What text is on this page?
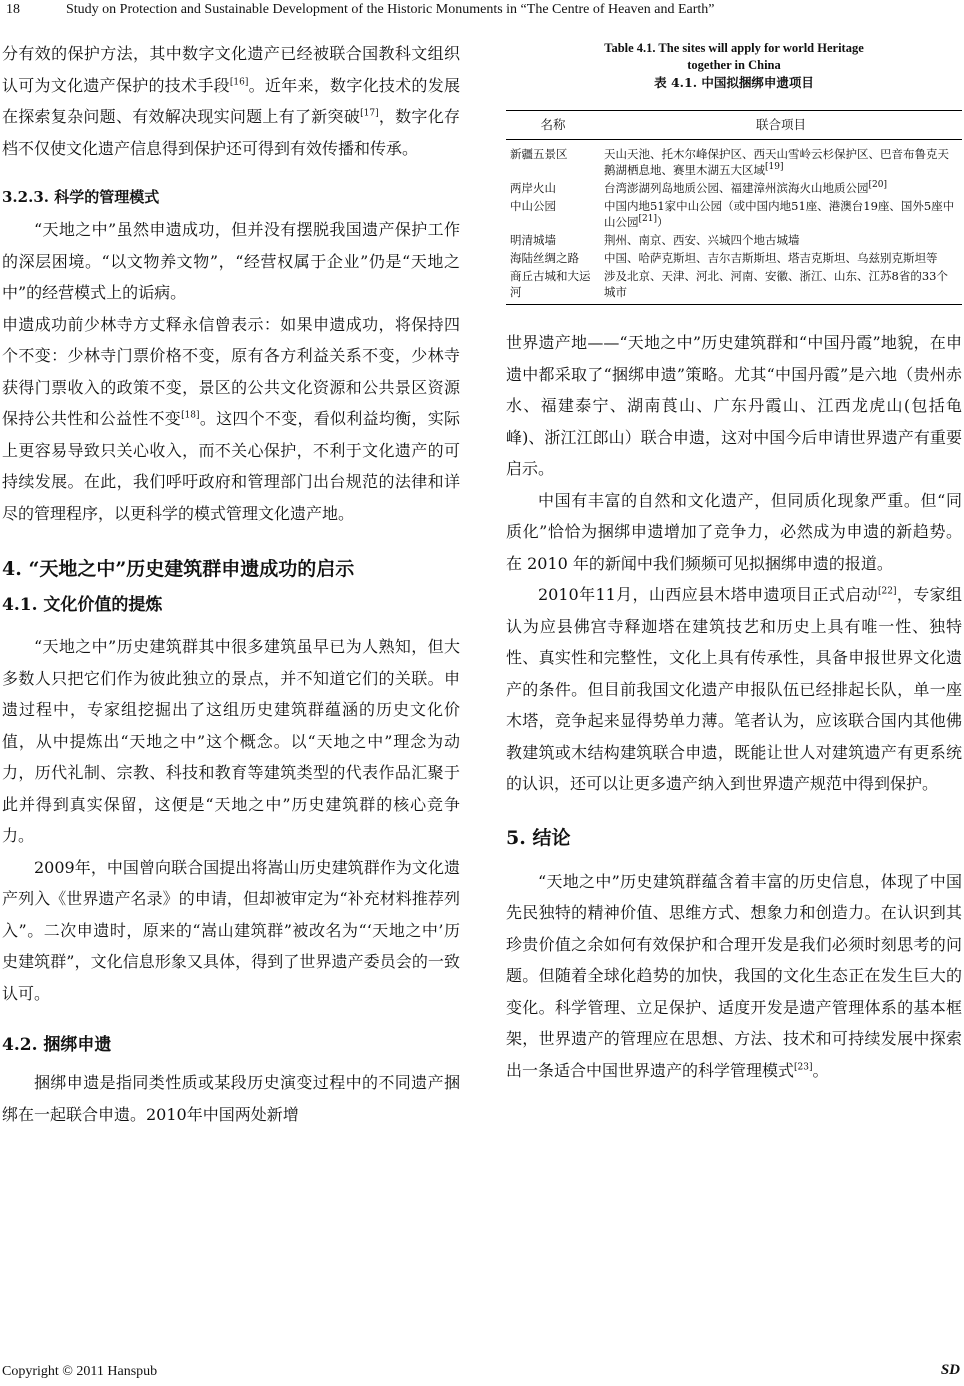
18	Study on Protection and Sustainable Development of the Historic Monuments in “The Centre of Heaven and Earth”

分有效的保护方法，其中数字文化遗产已经被联合国教科文组织认可为文化遗产保护的技术手段[16]。近年来，数字化技术的发展在探索复杂问题、有效解决现实问题上有了新突破[17]，数字化存档不仅使文化遗产信息得到保护还可得到有效传播和传承。

3.2.3. 科学的管理模式

“天地之中”虽然申遗成功，但并没有摆脱我国遗产保护工作的深层困境。“以文物养文物”，“经营权属于企业”仍是“天地之中”的经营模式上的诟病。

申遗成功前少林寺方丈释永信曾表示：如果申遗成功，将保持四个不变：少林寺门票价格不变，原有各方利益关系不变，少林寺获得门票收入的政策不变，景区的公共文化资源和公共景区资源保持公共性和公益性不变[18]。这四个不变，看似利益均衡，实际上更容易导致只关心收入，而不关心保护，不利于文化遗产的可持续发展。在此，我们呼吁政府和管理部门出台规范的法律和详尽的管理程序，以更科学的模式管理文化遗产地。

4. “天地之中”历史建筑群申遗成功的启示
4.1. 文化价值的提炼

“天地之中”历史建筑群其中很多建筑虽早已为人熟知，但大多数人只把它们作为彼此独立的景点，并不知道它们的关联。申遗过程中，专家组挖掘出了这组历史建筑群蕴涵的历史文化价值，从中提炼出“天地之中”这个概念。以“天地之中”理念为动力，历代礼制、宗教、科技和教育等建筑类型的代表作品汇聚于此并得到真实保留，这便是“天地之中”历史建筑群的核心竞争力。

2009年，中国曾向联合国提出将嵩山历史建筑群作为文化遗产列入《世界遗产名录》的申请，但却被审定为“补充材料推荐列入”。二次申遗时，原来的“嵩山建筑群”被改名为“‘天地之中’历史建筑群”，文化信息形象又具体，得到了世界遗产委员会的一致认可。

4.2. 捆绑申遗

捆绑申遗是指同类性质或某段历史演变过程中的不同遗产捆绑在一起联合申遗。2010年中国两处新增

Table 4.1. The sites will apply for world Heritage
together in China
表 4.1. 中国拟捆绑申遗项目
名称	联合项目
新疆五景区	天山天池、托木尔峰保护区、西天山雪岭云杉保护区、巴音布鲁克天鹅湖栖息地、赛里木湖五大区域[19]
两岸火山	台湾澎湖列岛地质公园、福建漳州滨海火山地质公园[20]
中山公园	中国内地51家中山公园（或中国内地51座、港澳台19座、国外5座中山公园[21]）
明清城墙	荆州、南京、西安、兴城四个地古城墙
海陆丝绸之路	中国、哈萨克斯坦、吉尔吉斯斯坦、塔吉克斯坦、乌兹别克斯坦等
商丘古城和大运河	涉及北京、天津、河北、河南、安徽、浙江、山东、江苏8省的33个城市

世界遗产地——“天地之中”历史建筑群和“中国丹霞”地貌，在申遗中都采取了“捆绑申遗”策略。尤其“中国丹霞”是六地（贵州赤水、福建泰宁、湖南莨山、广东丹霞山、江西龙虎山(包括龟峰)、浙江江郎山）联合申遗，这对中国今后申请世界遗产有重要启示。

中国有丰富的自然和文化遗产，但同质化现象严重。但“同质化”恰恰为捆绑申遗增加了竞争力，必然成为申遗的新趋势。在 2010 年的新闻中我们频频可见拟捆绑申遗的报道。

2010年11月，山西应县木塔申遗项目正式启动[22]，专家组认为应县佛宫寺释迦塔在建筑技艺和历史上具有唯一性、独特性、真实性和完整性，文化上具有传承性，具备申报世界文化遗产的条件。但目前我国文化遗产申报队伍已经排起长队，单一座木塔，竞争起来显得势单力薄。笔者认为，应该联合国内其他佛教建筑或木结构建筑联合申遗，既能让世人对建筑遗产有更系统的认识，还可以让更多遗产纳入到世界遗产规范中得到保护。

5. 结论

“天地之中”历史建筑群蕴含着丰富的历史信息，体现了中国先民独特的精神价值、思维方式、想象力和创造力。在认识到其珍贵价值之余如何有效保护和合理开发是我们必须时刻思考的问题。但随着全球化趋势的加快，我国的文化生态正在发生巨大的变化。科学管理、立足保护、适度开发是遗产管理体系的基本框架，世界遗产的管理应在思想、方法、技术和可持续发展中探索出一条适合中国世界遗产的科学管理模式[23]。

Copyright © 2011 Hanspub	SD
